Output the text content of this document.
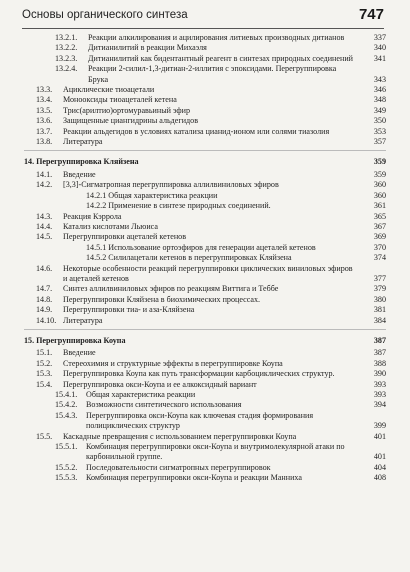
Основы органического синтеза	747
13.2.1. Реакции алкилирования и ацилирования литиевых производных дитианов	337
13.2.2. Дитианилитий в реакции Михаэля	340
13.2.3. Дитианилитий как бидентантный реагент в синтезах природных соединений	341
13.2.4. Реакции 2-силил-1,3-дитиан-2-иллития с эпоксидами. Перегруппировка Брука	343
13.3. Ациклические тиоацетали	346
13.4. Монооксиды тиоацеталей кетена	348
13.5. Трис(арилтио)ортомуравьиный эфир	349
13.6. Защищенные циангидрины альдегидов	350
13.7. Реакции альдегидов в условиях катализа цианид-ионом или солями тиазолия	353
13.8. Литература	357
14. Перегруппировка Кляйзена	359
14.1. Введение	359
14.2. [3,3]-Сигматропная перегруппировка аллилвиниловых эфиров	360
14.2.1 Общая характеристика реакции	360
14.2.2 Применение в синтезе природных соединений.	361
14.3. Реакция Кэррола	365
14.4. Катализ кислотами Льюиса	367
14.5. Перегруппировки ацеталей кетенов	369
14.5.1 Использование ортоэфиров для генерации ацеталей кетенов	370
14.5.2 Силилацетали кетенов в перегруппировках Кляйзена	374
14.6. Некоторые особенности реакций перегруппировки циклических виниловых эфиров и ацеталей кетенов	377
14.7. Синтез аллилвиниловых эфиров по реакциям Виттига и Теббе	379
14.8. Перегруппировки Кляйзена в биохимических процессах.	380
14.9. Перегруппировки тиа- и аза-Кляйзена	381
14.10. Литература	384
15. Перегруппировка Коупа	387
15.1. Введение	387
15.2. Стереохимия и структурные эффекты в перегруппировке Коупа	388
15.3. Перегруппировка Коупа как путь трансформации карбоциклических структур.	390
15.4. Перегруппировка окси-Коупа и ее алкоксидный вариант	393
15.4.1. Общая характеристика реакции	393
15.4.2. Возможности синтетического использования	394
15.4.3. Перегруппировка окси-Коупа как ключевая стадия формирования полициклических структур	399
15.5. Каскадные превращения с использованием перегруппировки Коупа	401
15.5.1. Комбинация перегруппировки окси-Коупа и внутримолекулярной атаки по карбонильной группе.	401
15.5.2. Последовательности сигматропных перегруппировок	404
15.5.3. Комбинация перегруппировки окси-Коупа и реакции Манниха	408
